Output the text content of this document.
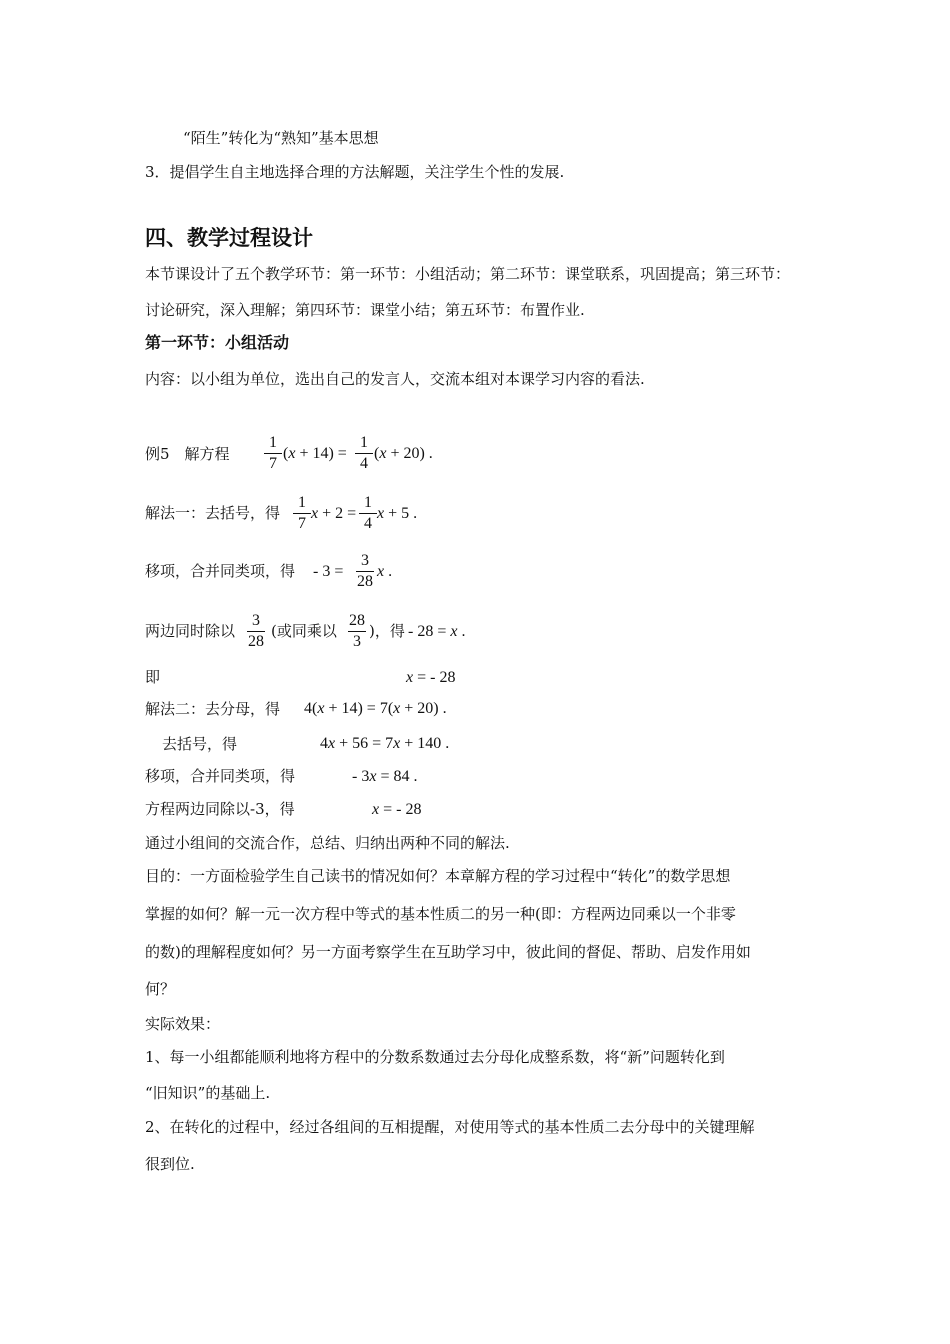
“陌生”转化为“熟知”基本思想
3．提倡学生自主地选择合理的方法解题，关注学生个性的发展.
四、教学过程设计
本节课设计了五个教学环节：第一环节：小组活动；第二环节：课堂联系，巩固提高；第三环节：
讨论研究，深入理解；第四环节：课堂小结；第五环节：布置作业.
第一环节：小组活动
内容：以小组为单位，选出自己的发言人，交流本组对本课学习内容的看法.
例5　解方程
1
7
(x + 14) =
1
4
(x + 20) .
解法一：去括号，得
1
7
x + 2 =
1
4
x + 5 .
移项，合并同类项，得 - 3 =
3
28
x .
两边同时除以
3
28
(或同乘以
28
3
)，得 - 28 = x .
即	x = - 28
解法二：去分母，得 4(x + 14) = 7(x + 20) .
去括号，得	4x + 56 = 7x + 140 .
移项，合并同类项，得	- 3x = 84 .
方程两边同除以-3，得	x = - 28
通过小组间的交流合作，总结、归纳出两种不同的解法.
目的：一方面检验学生自己读书的情况如何？本章解方程的学习过程中“转化”的数学思想
掌握的如何？解一元一次方程中等式的基本性质二的另一种(即：方程两边同乘以一个非零
的数)的理解程度如何？另一方面考察学生在互助学习中，彼此间的督促、帮助、启发作用如
何？
实际效果：
1、每一小组都能顺利地将方程中的分数系数通过去分母化成整系数，将“新”问题转化到
“旧知识”的基础上.
2、在转化的过程中，经过各组间的互相提醒，对使用等式的基本性质二去分母中的关键理解
很到位.
